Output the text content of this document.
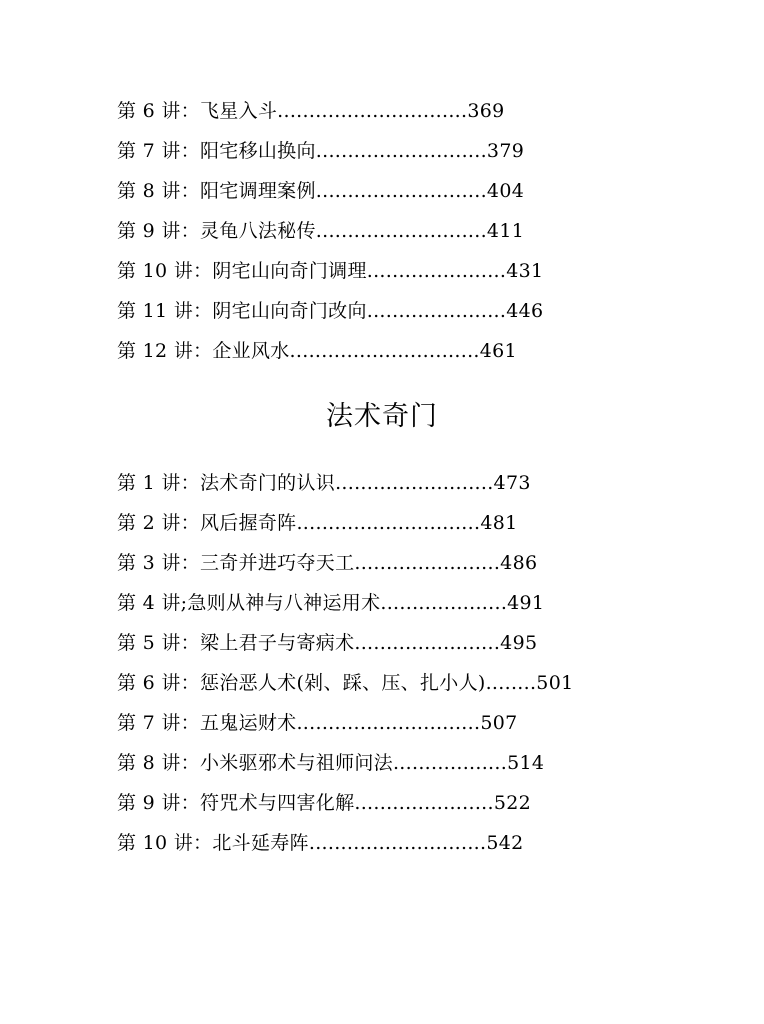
第 6 讲：飞星入斗..............................369
第 7 讲：阳宅移山换向...........................379
第 8 讲：阳宅调理案例...........................404
第 9 讲：灵龟八法秘传...........................411
第 10 讲：阴宅山向奇门调理......................431
第 11 讲：阴宅山向奇门改向......................446
第 12 讲：企业风水..............................461
法术奇门
第 1 讲：法术奇门的认识.........................473
第 2 讲：风后握奇阵.............................481
第 3 讲：三奇并进巧夺天工.......................486
第 4 讲;急则从神与八神运用术....................491
第 5 讲：梁上君子与寄病术.......................495
第 6 讲：惩治恶人术(剁、踩、压、扎小人)........501
第 7 讲：五鬼运财术.............................507
第 8 讲：小米驱邪术与祖师问法..................514
第 9 讲：符咒术与四害化解......................522
第 10 讲：北斗延寿阵............................542
